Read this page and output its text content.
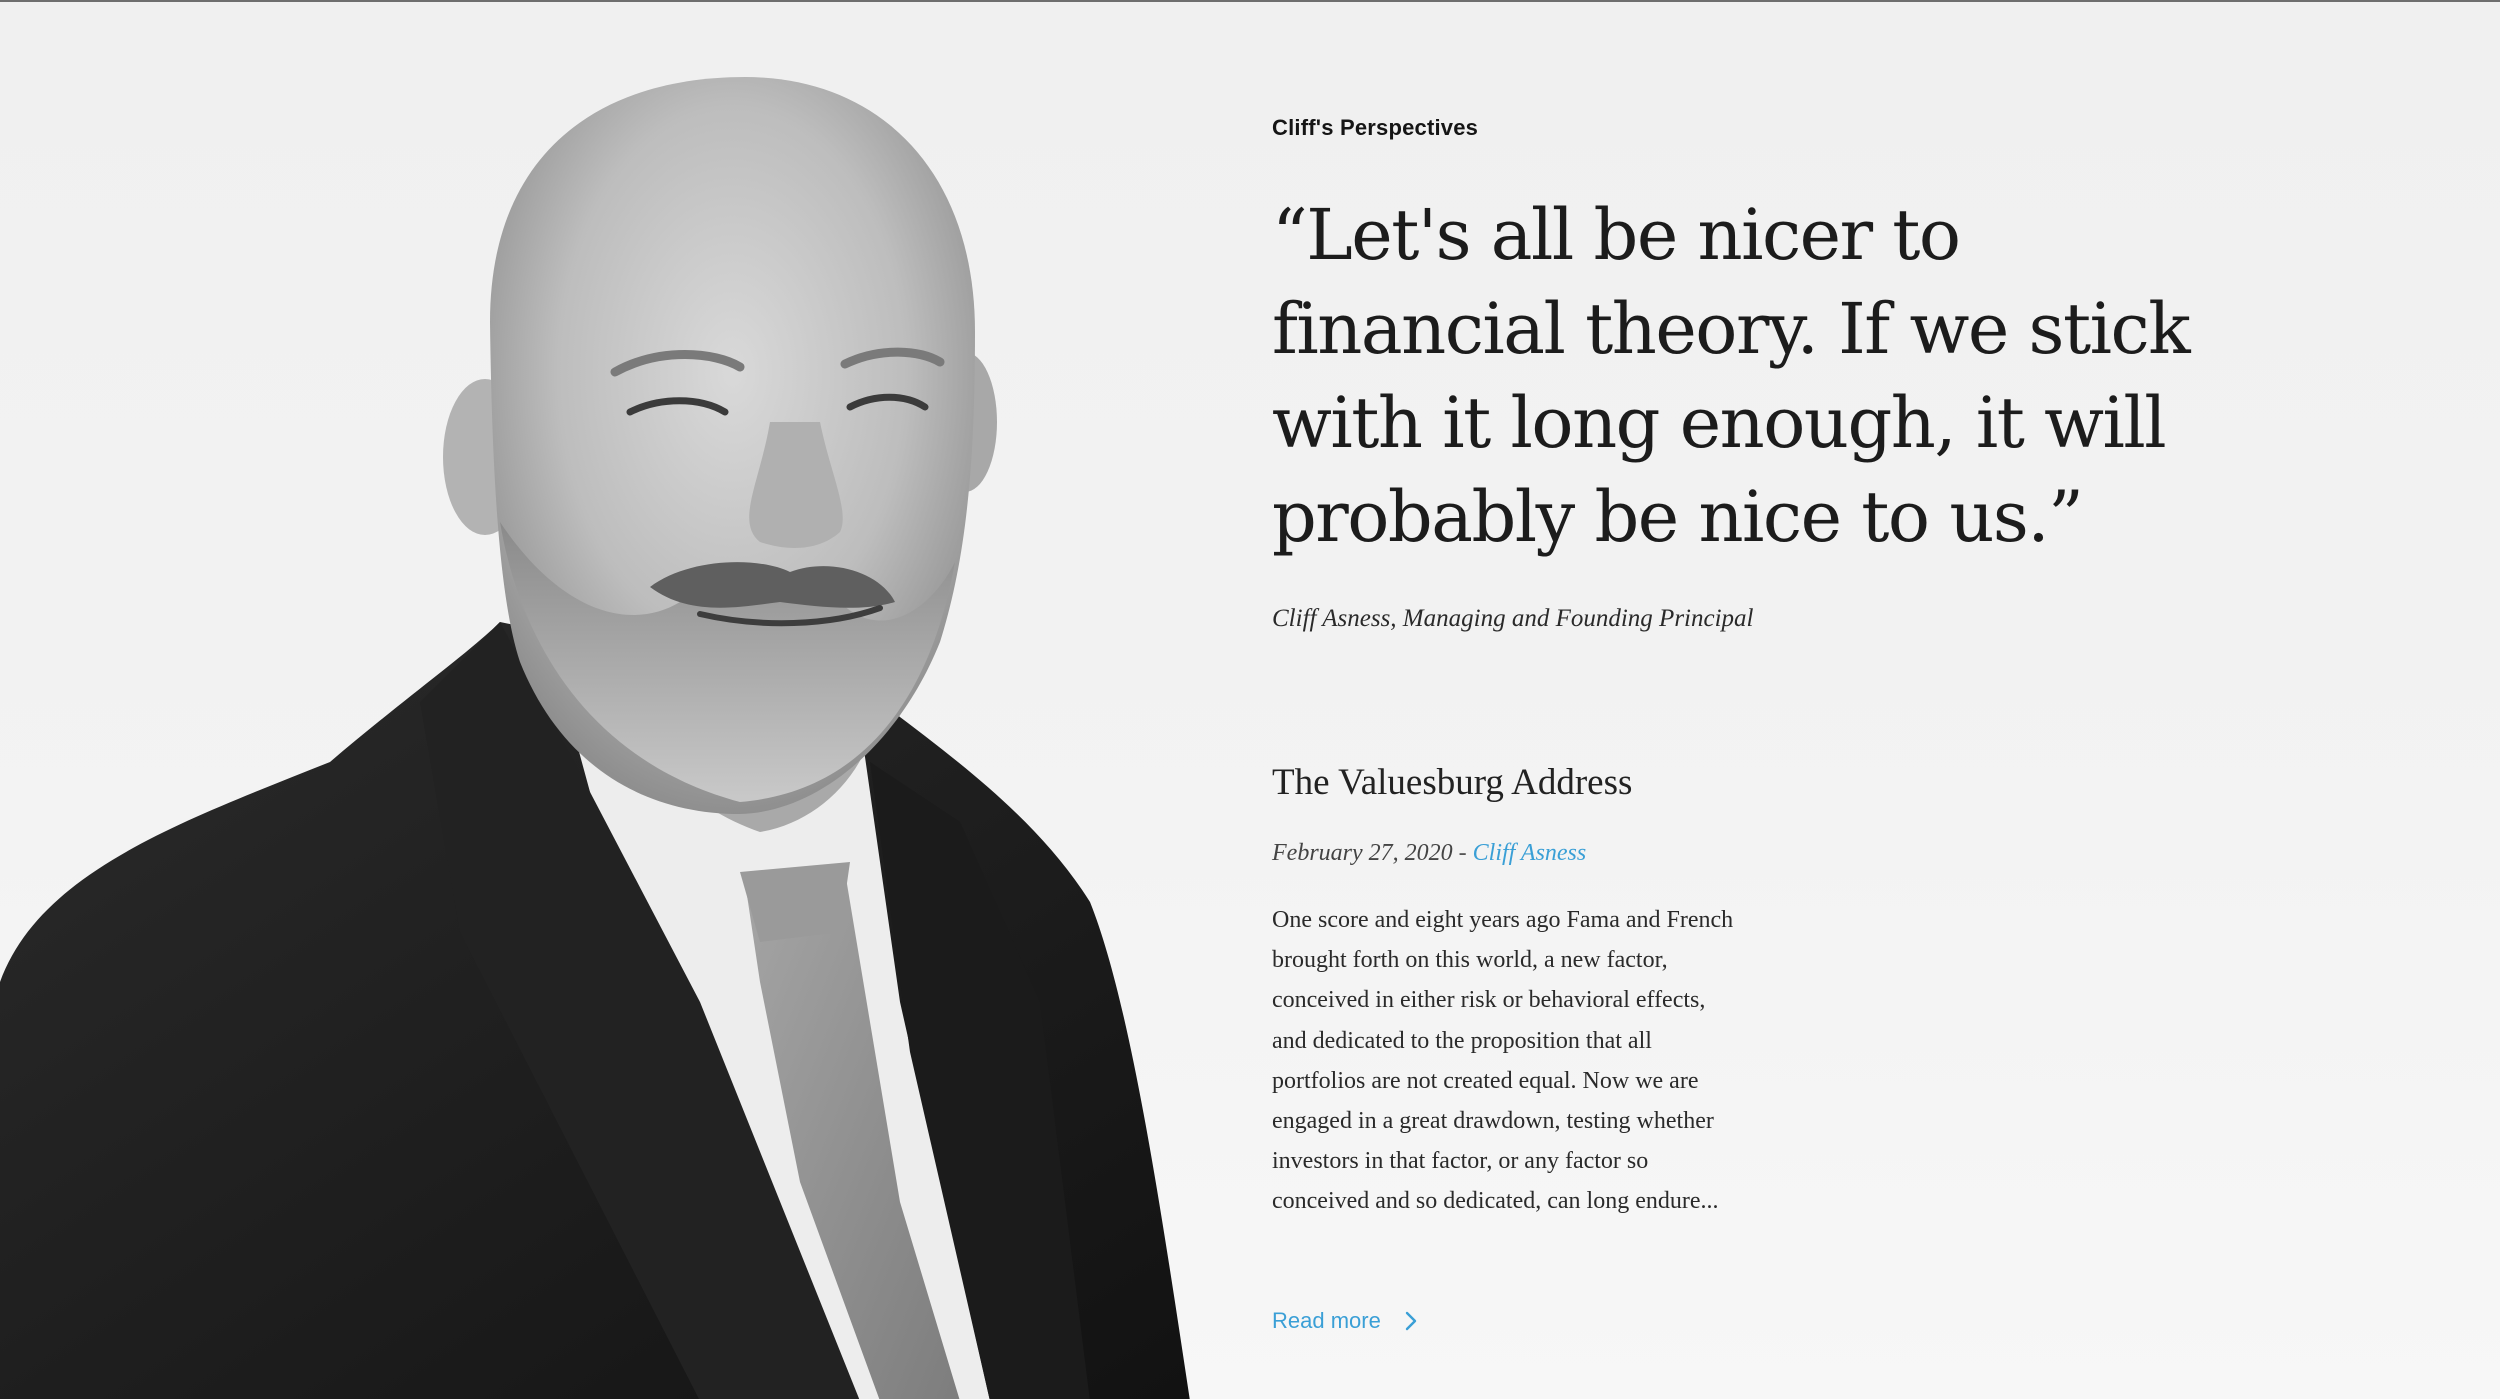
Cliff's Perspectives
“Let's all be nicer to financial theory. If we stick with it long enough, it will probably be nice to us.”
Cliff Asness, Managing and Founding Principal
The Valuesburg Address
February 27, 2020 - Cliff Asness

One score and eight years ago Fama and French brought forth on this world, a new factor, conceived in either risk or behavioral effects, and dedicated to the proposition that all portfolios are not created equal. Now we are engaged in a great drawdown, testing whether investors in that factor, or any factor so conceived and so dedicated, can long endure...

Read more
